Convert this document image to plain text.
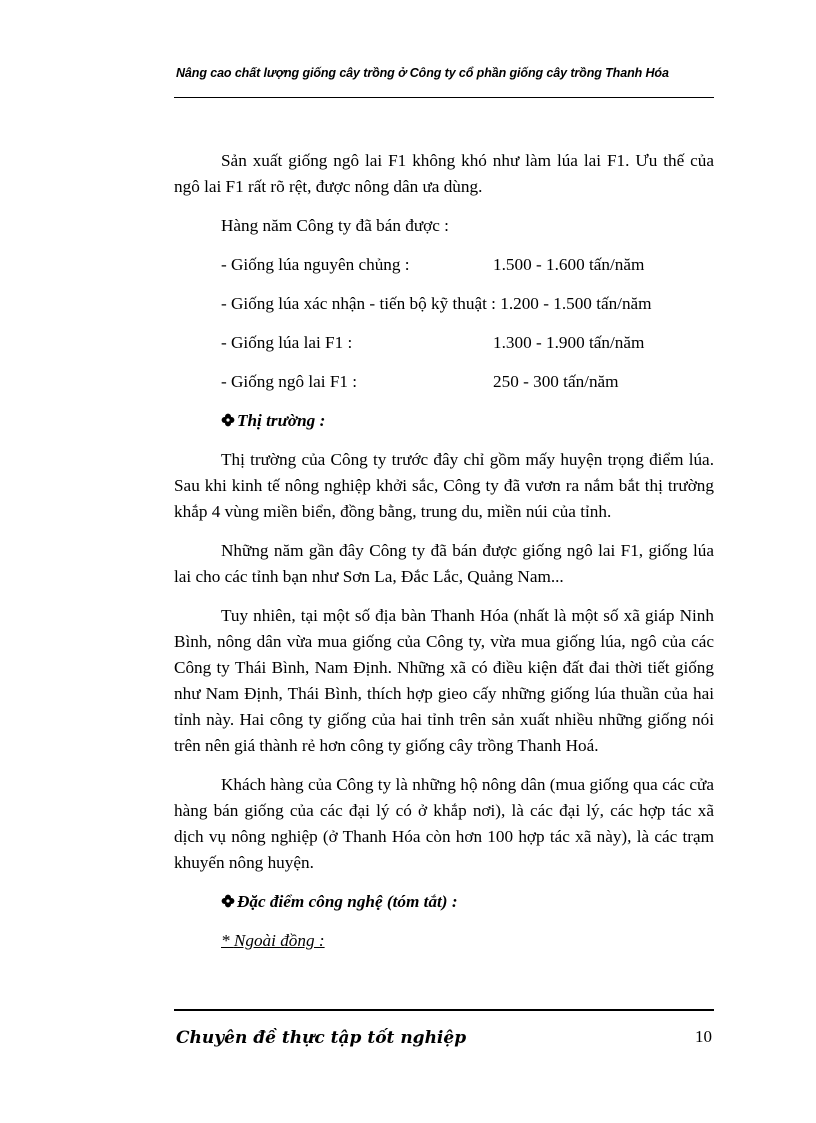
Nâng cao chất lượng giống cây trồng ở Công ty cổ phần giống cây trồng Thanh Hóa

Sản xuất giống ngô lai F1 không khó như làm lúa lai F1. Ưu thế của ngô lai F1 rất rõ rệt, được nông dân ưa dùng.

Hàng năm Công ty đã bán được :

- Giống lúa nguyên chủng :	1.500 - 1.600 tấn/năm
- Giống lúa xác nhận - tiến bộ kỹ thuật : 1.200 - 1.500 tấn/năm
- Giống lúa lai F1 :	1.300 - 1.900 tấn/năm
- Giống ngô lai F1 :	250 - 300 tấn/năm

Thị trường :

Thị trường của Công ty trước đây chỉ gồm mấy huyện trọng điểm lúa. Sau khi kinh tế nông nghiệp khởi sắc, Công ty đã vươn ra nắm bắt thị trường khắp 4 vùng miền biển, đồng bằng, trung du, miền núi của tỉnh.

Những năm gần đây Công ty đã bán được giống ngô lai F1, giống lúa lai cho các tỉnh bạn như Sơn La, Đắc Lắc, Quảng Nam...

Tuy nhiên, tại một số địa bàn Thanh Hóa (nhất là một số xã giáp Ninh Bình, nông dân vừa mua giống của Công ty, vừa mua giống lúa, ngô của các Công ty Thái Bình, Nam Định. Những xã có điều kiện đất đai thời tiết giống như Nam Định, Thái Bình, thích hợp gieo cấy những giống lúa thuần của hai tỉnh này. Hai công ty giống của hai tỉnh trên sản xuất nhiều những giống nói trên nên giá thành rẻ hơn công ty giống cây trồng Thanh Hoá.

Khách hàng của Công ty là những hộ nông dân (mua giống qua các cửa hàng bán giống của các đại lý có ở khắp nơi), là các đại lý, các hợp tác xã dịch vụ nông nghiệp (ở Thanh Hóa còn hơn 100 hợp tác xã này), là các trạm khuyến nông huyện.

Đặc điểm công nghệ (tóm tắt) :

* Ngoài đồng :

Chuyên đề thực tập tốt nghiệp	10
